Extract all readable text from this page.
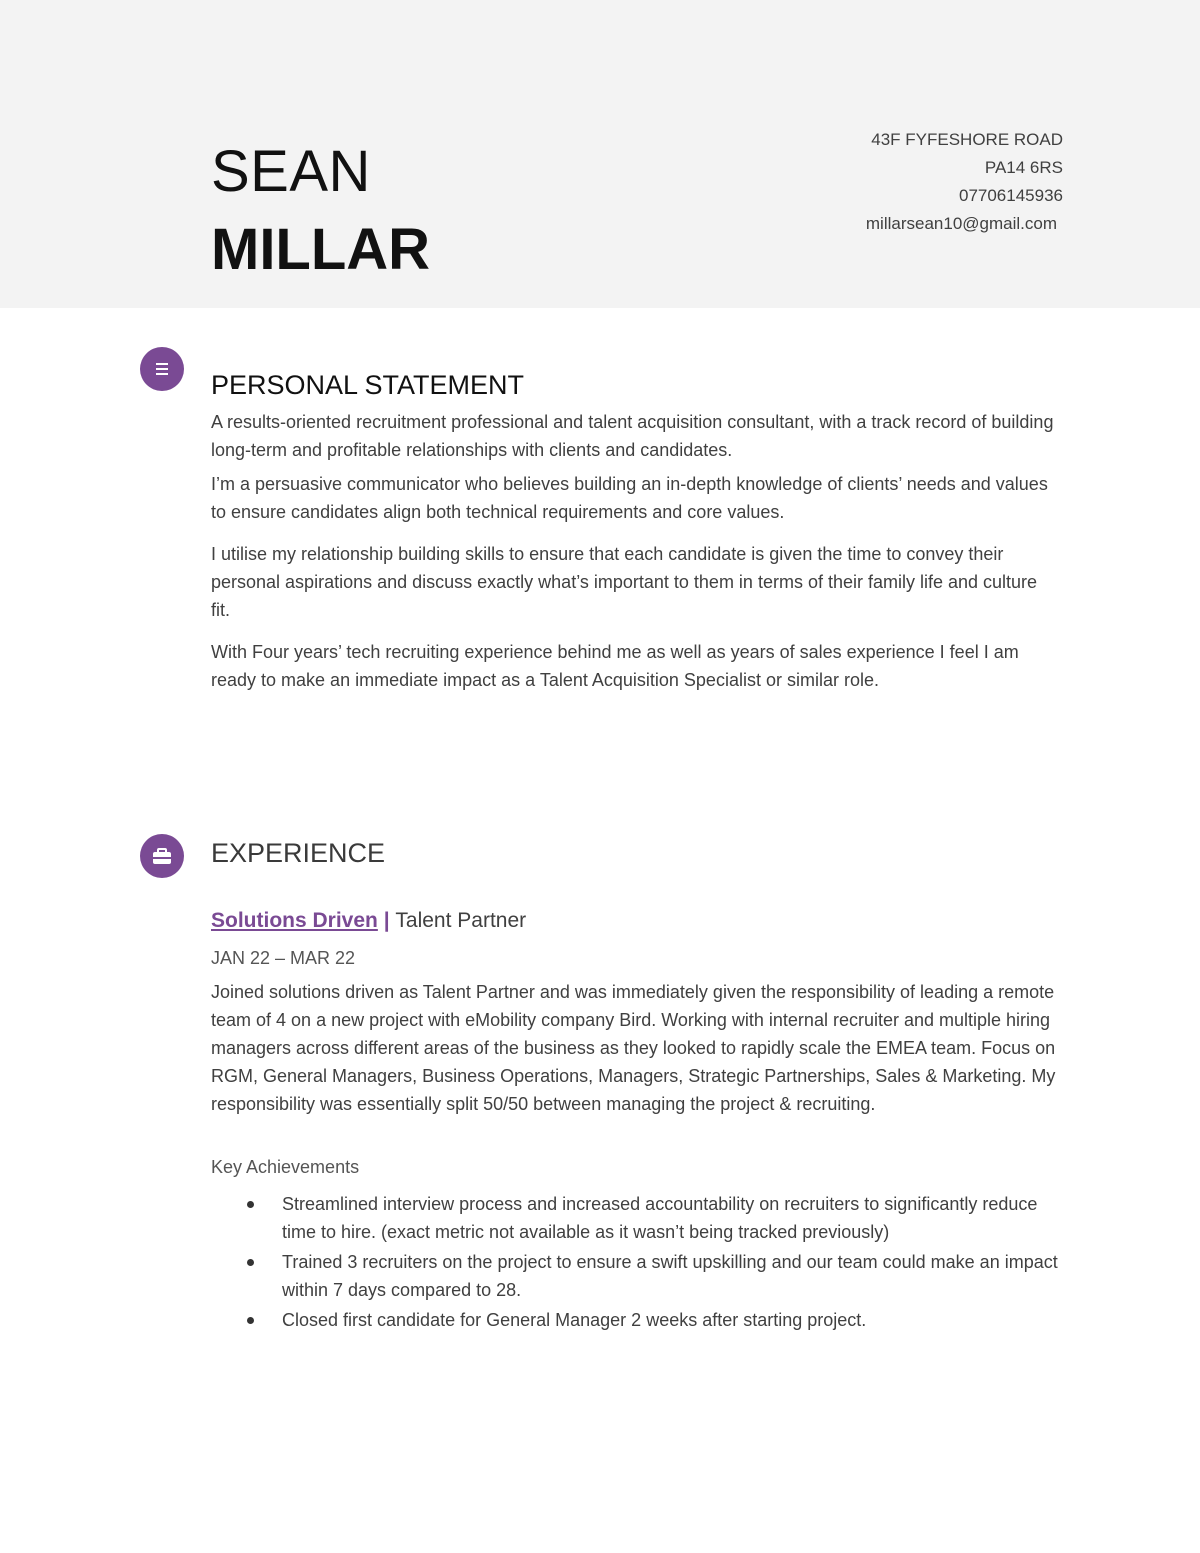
SEAN
MILLAR
43F FYFESHORE ROAD
PA14 6RS
07706145936
millarsean10@gmail.com
PERSONAL STATEMENT

A results-oriented recruitment professional and talent acquisition consultant, with a track record of building long-term and profitable relationships with clients and candidates.

I’m a persuasive communicator who believes building an in-depth knowledge of clients’ needs and values to ensure candidates align both technical requirements and core values.

I utilise my relationship building skills to ensure that each candidate is given the time to convey their personal aspirations and discuss exactly what’s important to them in terms of their family life and culture fit.

With Four years’ tech recruiting experience behind me as well as years of sales experience I feel I am ready to make an immediate impact as a Talent Acquisition Specialist or similar role.

EXPERIENCE
Solutions Driven | Talent Partner
JAN 22 – MAR 22

Joined solutions driven as Talent Partner and was immediately given the responsibility of leading a remote team of 4 on a new project with eMobility company Bird. Working with internal recruiter and multiple hiring managers across different areas of the business as they looked to rapidly scale the EMEA team. Focus on RGM, General Managers, Business Operations, Managers, Strategic Partnerships, Sales & Marketing. My responsibility was essentially split 50/50 between managing the project & recruiting.

Key Achievements
Streamlined interview process and increased accountability on recruiters to significantly reduce time to hire. (exact metric not available as it wasn’t being tracked previously)
Trained 3 recruiters on the project to ensure a swift upskilling and our team could make an impact within 7 days compared to 28.
Closed first candidate for General Manager 2 weeks after starting project.
